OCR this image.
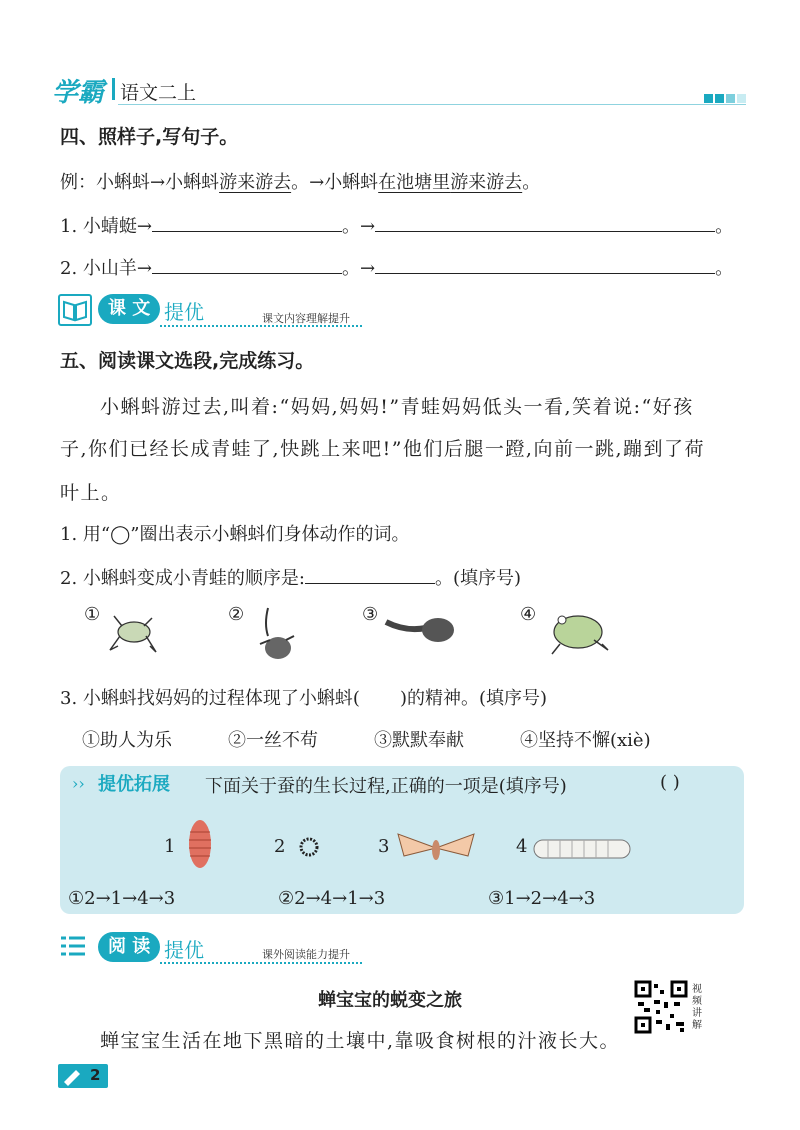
学霸 语文二上
四、照样子,写句子。
例：小蝌蚪→小蝌蚪游来游去。→小蝌蚪在池塘里游来游去。
1. 小蜻蜓→	。→	。
2. 小山羊→	。→	。
课 文 提优	课文内容理解提升
五、阅读课文选段,完成练习。
小蝌蚪游过去,叫着:“妈妈,妈妈!”青蛙妈妈低头一看,笑着说:“好孩
子,你们已经长成青蛙了,快跳上来吧!”他们后腿一蹬,向前一跳,蹦到了荷
叶上。
1. 用“◯”圈出表示小蝌蚪们身体动作的词。
2. 小蝌蚪变成小青蛙的顺序是:	。(填序号)
①	②	③	④
3. 小蝌蚪找妈妈的过程体现了小蝌蚪( )的精神。(填序号)
①助人为乐	②一丝不苟	③默默奉献	④坚持不懈(xiè)
›› 提优拓展 下面关于蚕的生长过程,正确的一项是(填序号)	( )
1	2	3	4
①2→1→4→3	②2→4→1→3	③1→2→4→3
阅 读 提优	课外阅读能力提升
蝉宝宝的蜕变之旅
视频讲解
蝉宝宝生活在地下黑暗的土壤中,靠吸食树根的汁液长大。
2
